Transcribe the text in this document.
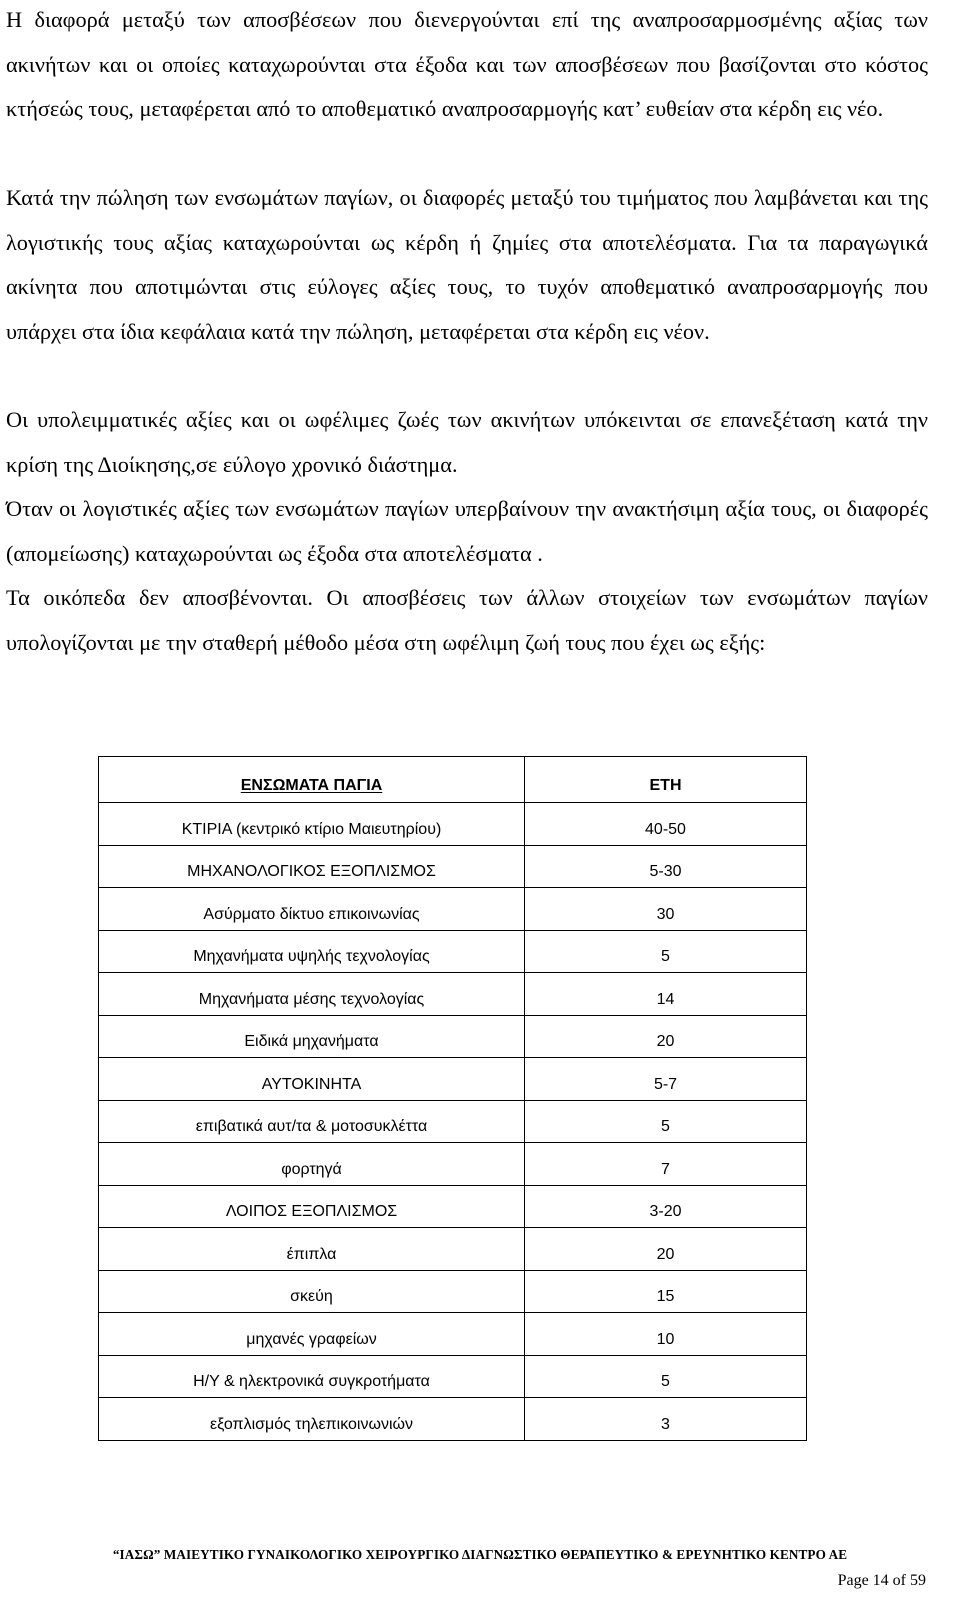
Η διαφορά μεταξύ των αποσβέσεων που διενεργούνται επί της αναπροσαρμοσμένης αξίας των ακινήτων και οι οποίες καταχωρούνται στα έξοδα και των αποσβέσεων που βασίζονται στο κόστος κτήσεώς τους, μεταφέρεται από το αποθεματικό αναπροσαρμογής κατ’ ευθείαν στα κέρδη εις νέο.

Κατά την πώληση των ενσωμάτων παγίων, οι διαφορές μεταξύ του τιμήματος που λαμβάνεται και της λογιστικής τους αξίας καταχωρούνται ως κέρδη ή ζημίες στα αποτελέσματα. Για τα παραγωγικά ακίνητα που αποτιμώνται στις εύλογες αξίες τους, το τυχόν αποθεματικό αναπροσαρμογής που υπάρχει στα ίδια κεφάλαια κατά την πώληση, μεταφέρεται στα κέρδη εις νέον.

Οι υπολειμματικές αξίες και οι ωφέλιμες ζωές των ακινήτων υπόκεινται σε επανεξέταση κατά την κρίση της Διοίκησης,σε εύλογο χρονικό διάστημα.

Όταν οι λογιστικές αξίες των ενσωμάτων παγίων υπερβαίνουν την ανακτήσιμη αξία τους, οι διαφορές (απομείωσης) καταχωρούνται ως έξοδα στα αποτελέσματα .

Τα οικόπεδα δεν αποσβένονται. Οι αποσβέσεις των άλλων στοιχείων των ενσωμάτων παγίων υπολογίζονται με την σταθερή μέθοδο μέσα στη ωφέλιμη ζωή τους που έχει ως εξής:

ΕΝΣΩΜΑΤΑ ΠΑΓΙΑ	ΕΤΗ
ΚΤΙΡΙΑ (κεντρικό κτίριο Μαιευτηρίου)	40-50
ΜΗΧΑΝΟΛΟΓΙΚΟΣ ΕΞΟΠΛΙΣΜΟΣ	5-30
Ασύρματο δίκτυο επικοινωνίας	30
Μηχανήματα υψηλής τεχνολογίας	5
Μηχανήματα μέσης τεχνολογίας	14
Ειδικά μηχανήματα	20
ΑΥΤΟΚΙΝΗΤΑ	5-7
επιβατικά αυτ/τα & μοτοσυκλέττα	5
φορτηγά	7
ΛΟΙΠΟΣ ΕΞΟΠΛΙΣΜΟΣ	3-20
έπιπλα	20
σκεύη	15
μηχανές γραφείων	10
Η/Υ & ηλεκτρονικά συγκροτήματα	5
εξοπλισμός τηλεπικοινωνιών	3
“ΙΑΣΩ” ΜΑΙΕΥΤΙΚΟ ΓΥΝΑΙΚΟΛΟΓΙΚΟ ΧΕΙΡΟΥΡΓΙΚΟ ΔΙΑΓΝΩΣΤΙΚΟ ΘΕΡΑΠΕΥΤΙΚΟ & ΕΡΕΥΝΗΤΙΚΟ ΚΕΝΤΡΟ ΑΕ
Page 14 of 59
